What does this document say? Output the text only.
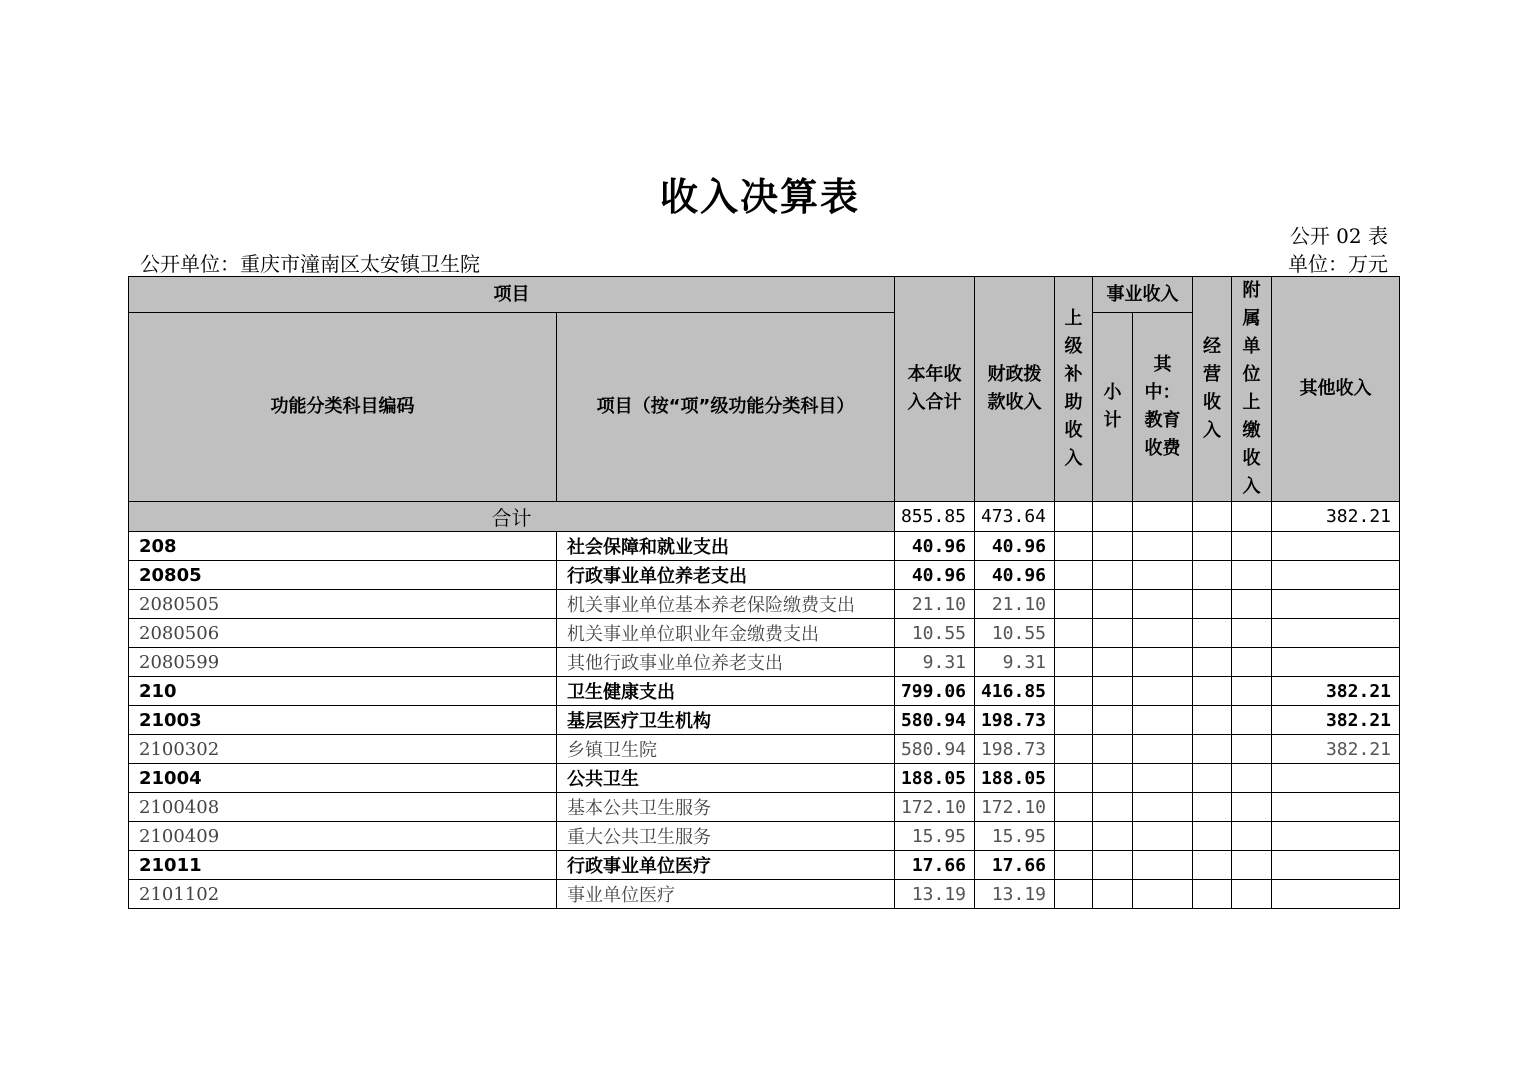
收入决算表
公开 02 表
公开单位：重庆市潼南区太安镇卫生院	单位：万元
项目		本年收入合计	财政拨款收入	上级补助收入	事业收入		经营收入	附属单位上缴收入	其他收入
功能分类科目编码	项目（按“项”级功能分类科目）				小计	其中：教育收费			

合计		855.85	473.64						382.21
208	社会保障和就业支出	40.96	40.96						
20805	行政事业单位养老支出	40.96	40.96						
2080505	机关事业单位基本养老保险缴费支出	21.10	21.10						
2080506	机关事业单位职业年金缴费支出	10.55	10.55						
2080599	其他行政事业单位养老支出	9.31	9.31						
210	卫生健康支出	799.06	416.85						382.21
21003	基层医疗卫生机构	580.94	198.73						382.21
2100302	乡镇卫生院	580.94	198.73						382.21
21004	公共卫生	188.05	188.05						
2100408	基本公共卫生服务	172.10	172.10						
2100409	重大公共卫生服务	15.95	15.95						
21011	行政事业单位医疗	17.66	17.66						
2101102	事业单位医疗	13.19	13.19						
